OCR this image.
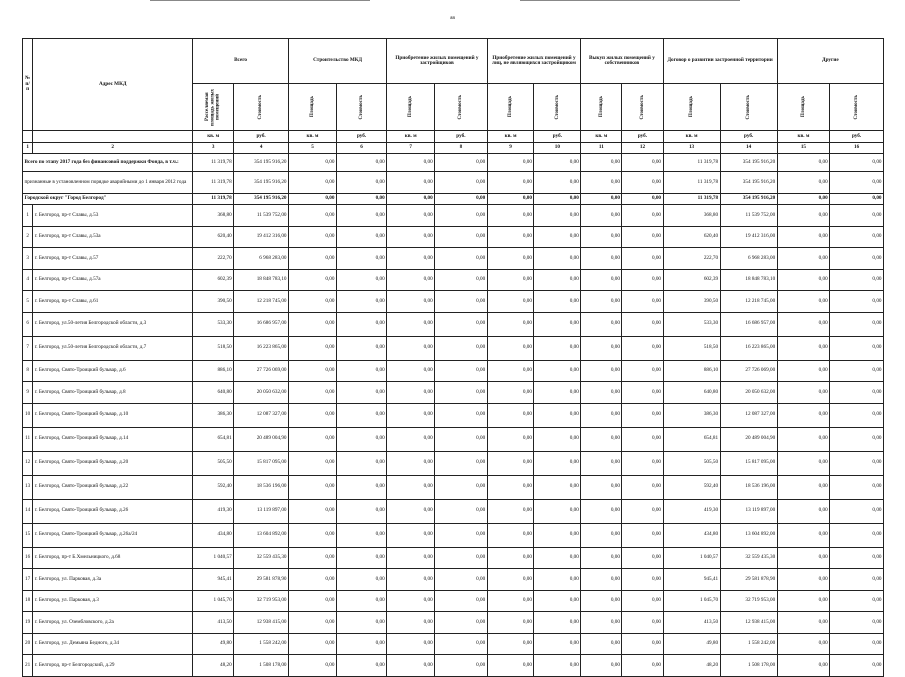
яя
№ п/п	Адрес МКД	Всего		Строительство МКД		Приобретение жилых помещений у застройщиков		Приобретение жилых помещений у лиц, не являющихся застройщиком		Выкуп жилых помещений у собственников		Договор о развитии застроенной территории		Другие	

		Расселяемая площадь жилых помещений	Стоимость	Площадь	Стоимость	Площадь	Стоимость	Площадь	Стоимость	Площадь	Стоимость	Площадь	Стоимость	Площадь	Стоимость

		кв. м	руб.	кв. м	руб.	кв. м	руб.	кв. м	руб.	кв. м	руб.	кв. м	руб.	кв. м	руб.
1	2	3	4	5	6	7	8	9	10	11	12	13	14	15	16
Всего по этапу 2017 года без финансовой поддержки Фонда, в т.ч.:		11 319,78	354 195 916,20	0,00	0,00	0,00	0,00	0,00	0,00	0,00	0,00	11 319,78	354 195 916,20	0,00	0,00
признанные в установленном порядке аварийными до 1 января 2012 года		11 319,78	354 195 916,20	0,00	0,00	0,00	0,00	0,00	0,00	0,00	0,00	11 319,78	354 195 916,20	0,00	0,00
Городской округ "Город Белгород"		11 319,78	354 195 916,20	0,00	0,00	0,00	0,00	0,00	0,00	0,00	0,00	11 319,78	354 195 916,20	0,00	0,00
1	г. Белгород, пр-т Славы, д.53	368,80	11 539 752,00	0,00	0,00	0,00	0,00	0,00	0,00	0,00	0,00	368,80	11 539 752,00	0,00	0,00
2	г. Белгород, пр-т Славы, д.53а	620,40	19 412 316,00	0,00	0,00	0,00	0,00	0,00	0,00	0,00	0,00	620,40	19 412 316,00	0,00	0,00
3	г. Белгород, пр-т Славы, д.57	222,70	6 968 283,00	0,00	0,00	0,00	0,00	0,00	0,00	0,00	0,00	222,70	6 968 283,00	0,00	0,00
4	г. Белгород, пр-т Славы, д.57а	602,39	18 848 783,10	0,00	0,00	0,00	0,00	0,00	0,00	0,00	0,00	602,39	18 848 783,10	0,00	0,00
5	г. Белгород, пр-т Славы, д.61	390,50	12 218 745,00	0,00	0,00	0,00	0,00	0,00	0,00	0,00	0,00	390,50	12 218 745,00	0,00	0,00
6	г. Белгород, ул.50-летия Белгородской области, д.3	533,30	16 686 957,00	0,00	0,00	0,00	0,00	0,00	0,00	0,00	0,00	533,30	16 686 957,00	0,00	0,00
7	г. Белгород, ул.50-летия Белгородской области, д.7	518,50	16 223 865,00	0,00	0,00	0,00	0,00	0,00	0,00	0,00	0,00	518,50	16 223 865,00	0,00	0,00
8	г. Белгород, Свято-Троицкий бульвар, д.6	886,10	27 726 069,00	0,00	0,00	0,00	0,00	0,00	0,00	0,00	0,00	886,10	27 726 069,00	0,00	0,00
9	г. Белгород, Свято-Троицкий бульвар, д.8	640,80	20 050 632,00	0,00	0,00	0,00	0,00	0,00	0,00	0,00	0,00	640,80	20 050 632,00	0,00	0,00
10	г. Белгород, Свято-Троицкий бульвар, д.10	386,30	12 087 327,00	0,00	0,00	0,00	0,00	0,00	0,00	0,00	0,00	386,30	12 087 327,00	0,00	0,00
11	г. Белгород, Свято-Троицкий бульвар, д.14	654,81	20 489 004,90	0,00	0,00	0,00	0,00	0,00	0,00	0,00	0,00	654,81	20 489 004,90	0,00	0,00
12	г. Белгород, Свято-Троицкий бульвар, д.20	505,50	15 817 095,00	0,00	0,00	0,00	0,00	0,00	0,00	0,00	0,00	505,50	15 817 095,00	0,00	0,00
13	г. Белгород, Свято-Троицкий бульвар, д.22	592,40	18 536 196,00	0,00	0,00	0,00	0,00	0,00	0,00	0,00	0,00	592,40	18 536 196,00	0,00	0,00
14	г. Белгород, Свято-Троицкий бульвар, д.26	419,30	13 119 897,00	0,00	0,00	0,00	0,00	0,00	0,00	0,00	0,00	419,30	13 119 897,00	0,00	0,00
15	г. Белгород, Свято-Троицкий бульвар, д.26а/24	434,80	13 604 892,00	0,00	0,00	0,00	0,00	0,00	0,00	0,00	0,00	434,80	13 604 892,00	0,00	0,00
16	г. Белгород, пр-т Б.Хмельницкого, д.68	1 040,57	32 559 435,30	0,00	0,00	0,00	0,00	0,00	0,00	0,00	0,00	1 040,57	32 559 435,30	0,00	0,00
17	г. Белгород, ул. Парковая, д.3а	945,41	29 581 878,90	0,00	0,00	0,00	0,00	0,00	0,00	0,00	0,00	945,41	29 581 878,90	0,00	0,00
18	г. Белгород, ул. Парковая, д.3	1 045,70	32 719 953,00	0,00	0,00	0,00	0,00	0,00	0,00	0,00	0,00	1 045,70	32 719 953,00	0,00	0,00
19	г. Белгород, ул. Озембловского, д.2а	413,50	12 938 415,00	0,00	0,00	0,00	0,00	0,00	0,00	0,00	0,00	413,50	12 938 415,00	0,00	0,00
20	г. Белгород, ул. Демьяна Бедного, д.34	49,80	1 558 242,00	0,00	0,00	0,00	0,00	0,00	0,00	0,00	0,00	49,80	1 558 242,00	0,00	0,00
21	г. Белгород, пр-т Белгородский, д.29	48,20	1 508 178,00	0,00	0,00	0,00	0,00	0,00	0,00	0,00	0,00	48,20	1 508 178,00	0,00	0,00
